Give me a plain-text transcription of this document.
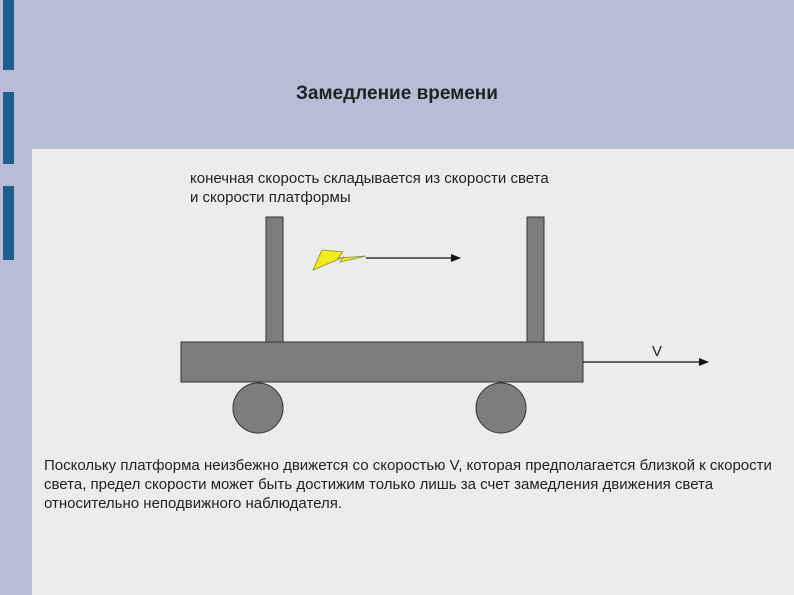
Замедление времени
конечная скорость складывается из скорости света
и скорости платформы
V
Поскольку платформа неизбежно движется со скоростью V, которая предполагается близкой к скорости света, предел скорости может быть достижим только лишь за счет замедления движения света относительно неподвижного наблюдателя.
